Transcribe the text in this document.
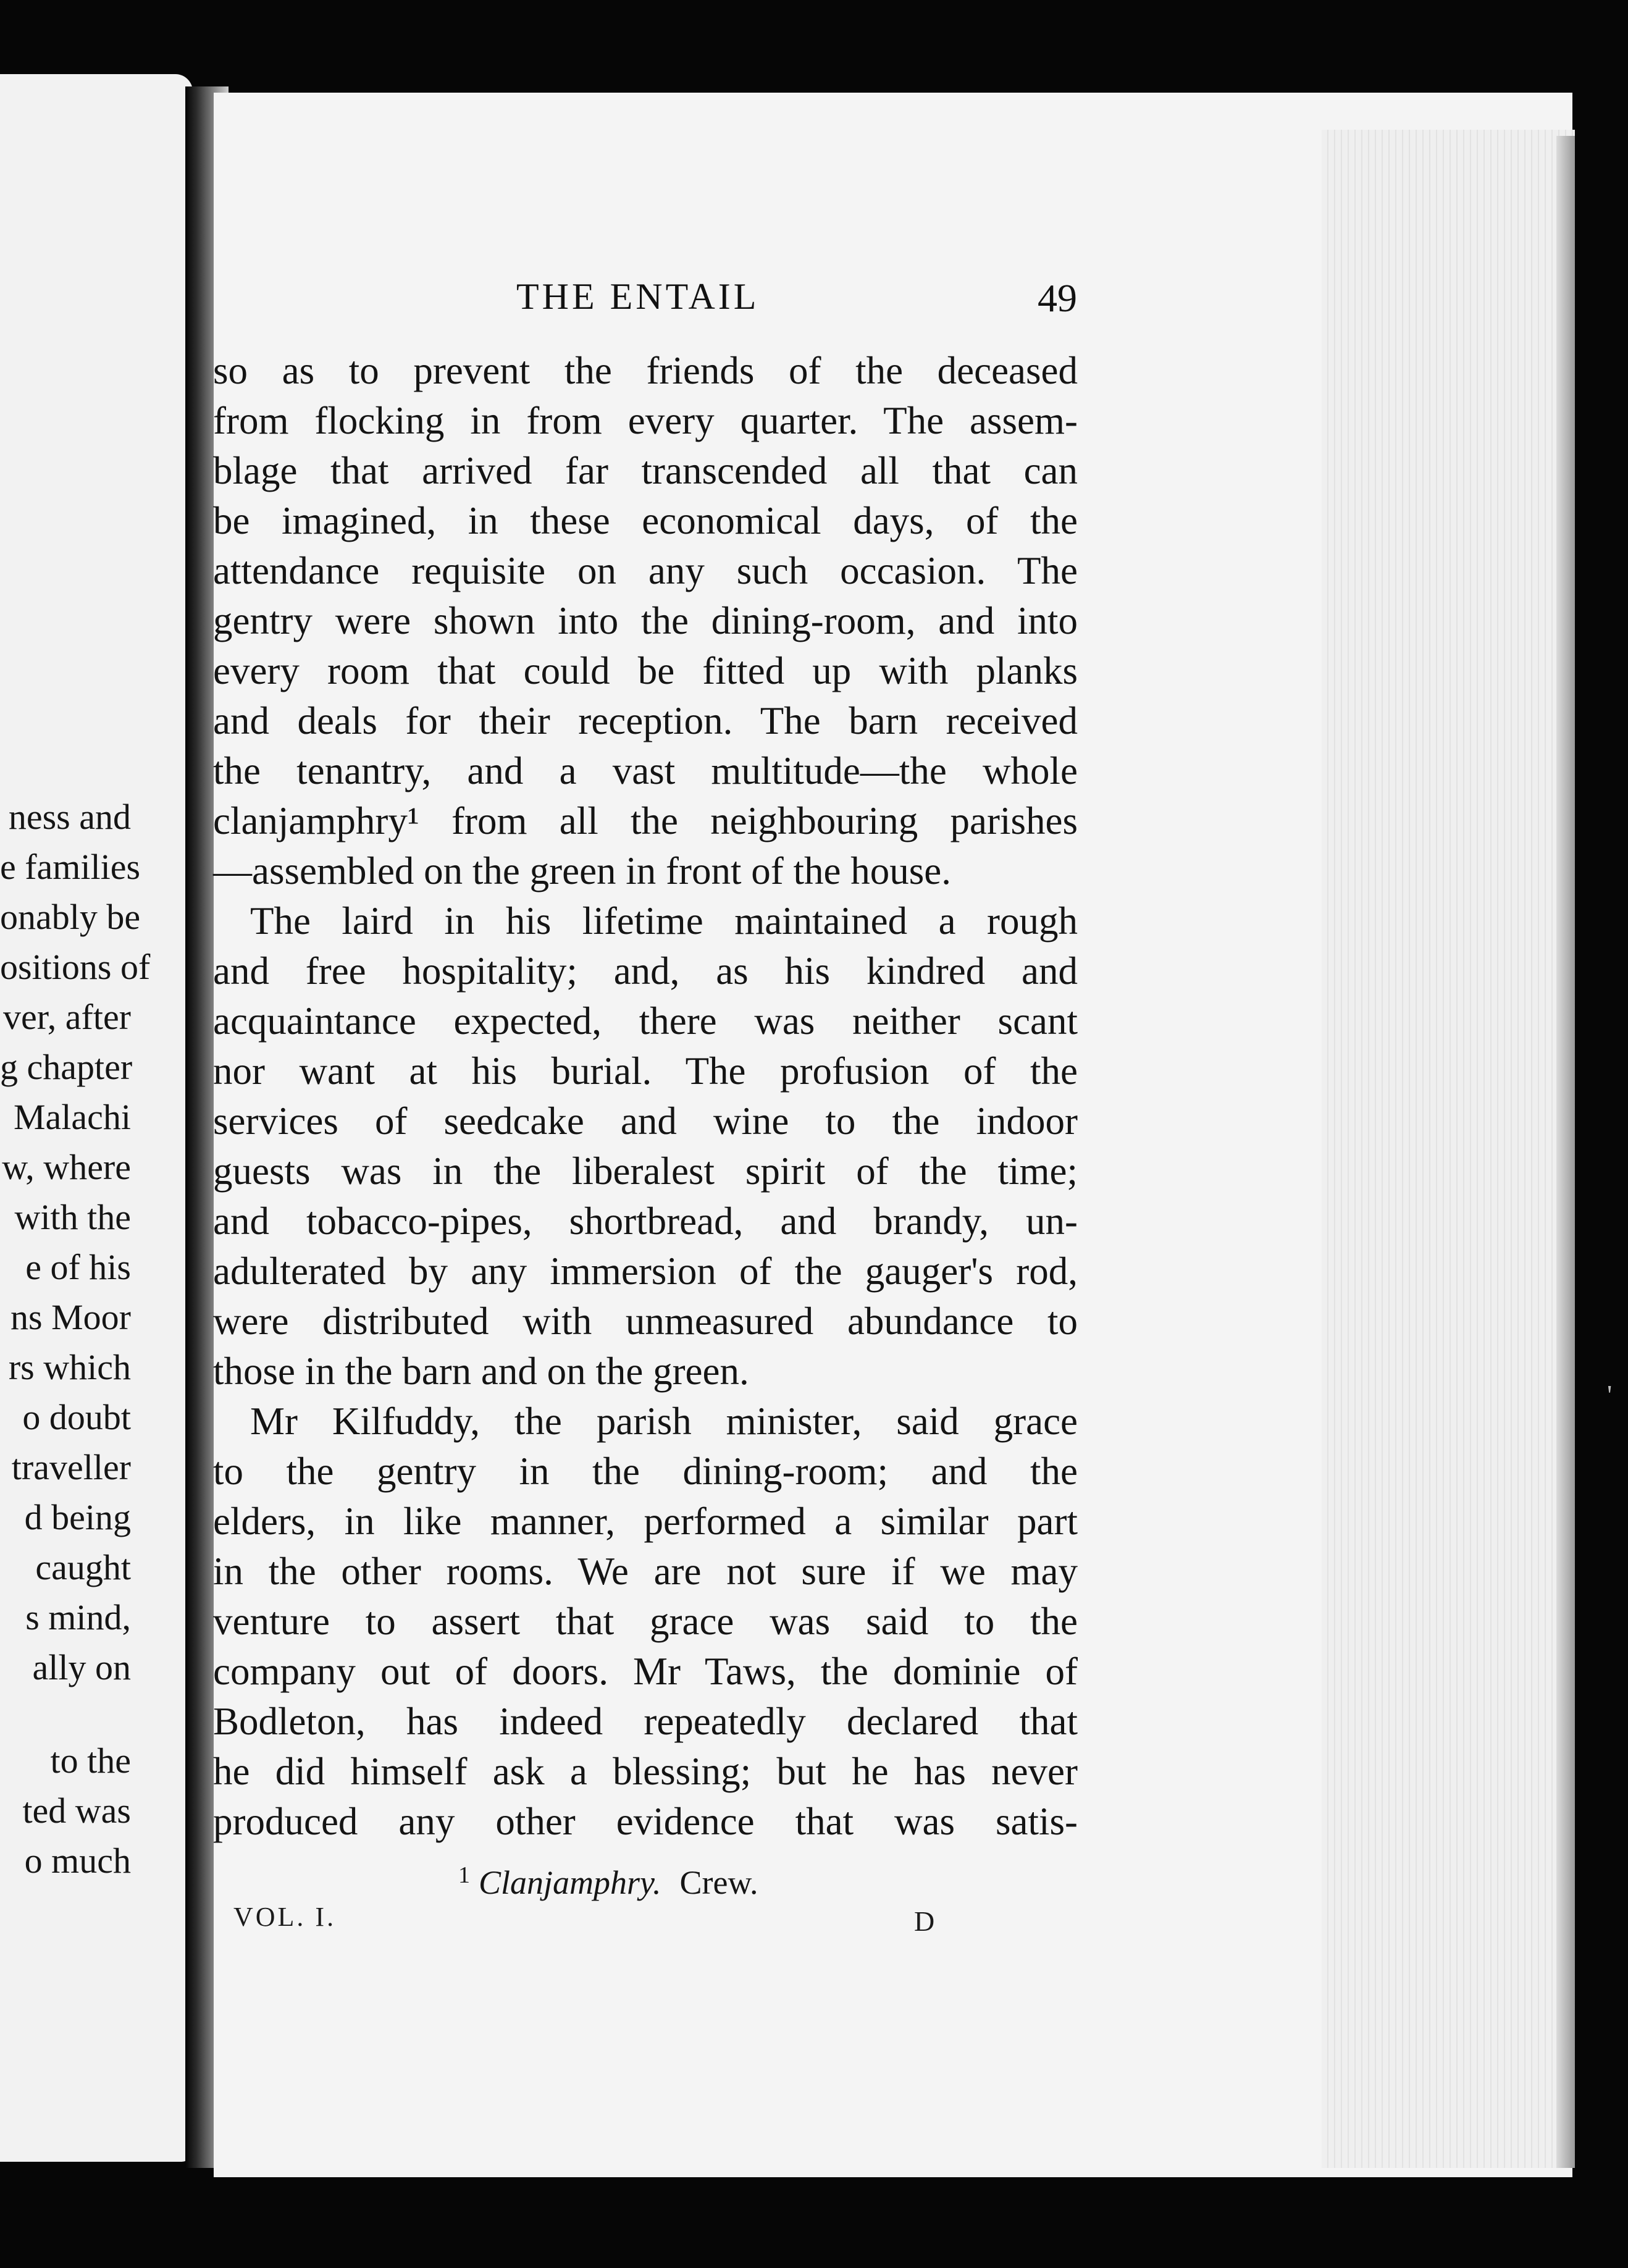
ness and
e families
onably be
ositions of
ver, after
g chapter
Malachi
w, where
with the
e of his
ns Moor
rs which
o doubt
traveller
d being
caught
s mind,
ally on
to the
ted was
o much
THE ENTAIL	49
so as to prevent the friends of the deceased
from flocking in from every quarter. The assem-
blage that arrived far transcended all that can
be imagined, in these economical days, of the
attendance requisite on any such occasion. The
gentry were shown into the dining-room, and into
every room that could be fitted up with planks
and deals for their reception. The barn received
the tenantry, and a vast multitude—the whole
clanjamphry¹ from all the neighbouring parishes
—assembled on the green in front of the house.
The laird in his lifetime maintained a rough
and free hospitality; and, as his kindred and
acquaintance expected, there was neither scant
nor want at his burial. The profusion of the
services of seedcake and wine to the indoor
guests was in the liberalest spirit of the time;
and tobacco-pipes, shortbread, and brandy, un-
adulterated by any immersion of the gauger's rod,
were distributed with unmeasured abundance to
those in the barn and on the green.
Mr Kilfuddy, the parish minister, said grace
to the gentry in the dining-room; and the
elders, in like manner, performed a similar part
in the other rooms. We are not sure if we may
venture to assert that grace was said to the
company out of doors. Mr Taws, the dominie of
Bodleton, has indeed repeatedly declared that
he did himself ask a blessing; but he has never
produced any other evidence that was satis-
$^1$ Clanjamphry. Crew.
VOL. I.	D
'
